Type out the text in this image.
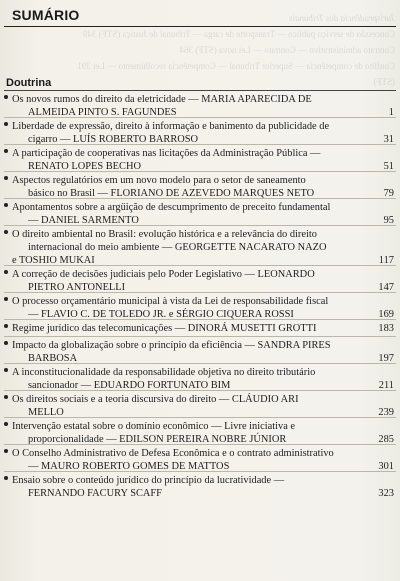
Jurisprudência dos Tribunais
Concessão de serviço público — Transporte de carga — Tribunal de Justiça (STF) 349
Contrato administrativo — Contrato — Lei nova (STF) 364
Conflito de competência — Superior Tribunal — Competência recolhimento — Lei 391
(STF)
SUMÁRIO
Doutrina
Os novos rumos do direito da eletricidade — MARIA APARECIDA DE
ALMEIDA PINTO S. FAGUNDES	1
Liberdade de expressão, direito à informação e banimento da publicidade de
cigarro — LUÍS ROBERTO BARROSO	31
A participação de cooperativas nas licitações da Administração Pública —
RENATO LOPES BECHO	51
Aspectos regulatórios em um novo modelo para o setor de saneamento
básico no Brasil — FLORIANO DE AZEVEDO MARQUES NETO	79
Apontamentos sobre a argüição de descumprimento de preceito fundamental
— DANIEL SARMENTO	95
O direito ambiental no Brasil: evolução histórica e a relevância do direito
internacional do meio ambiente — GEORGETTE NACARATO NAZO
e TOSHIO MUKAI	117
A correção de decisões judiciais pelo Poder Legislativo — LEONARDO
PIETRO ANTONELLI	147
O processo orçamentário municipal à vista da Lei de responsabilidade fiscal
— FLAVIO C. DE TOLEDO JR. e SÉRGIO CIQUERA ROSSI	169
Regime jurídico das telecomunicações — DINORÁ MUSETTI GROTTI	183
Impacto da globalização sobre o princípio da eficiência — SANDRA PIRES
BARBOSA	197
A inconstitucionalidade da responsabilidade objetiva no direito tributário
sancionador — EDUARDO FORTUNATO BIM	211
Os direitos sociais e a teoria discursiva do direito — CLÁUDIO ARI
MELLO	239
Intervenção estatal sobre o domínio econômico — Livre iniciativa e
proporcionalidade — EDILSON PEREIRA NOBRE JÚNIOR	285
O Conselho Administrativo de Defesa Econômica e o contrato administrativo
— MAURO ROBERTO GOMES DE MATTOS	301
Ensaio sobre o conteúdo jurídico do princípio da lucratividade —
FERNANDO FACURY SCAFF	323
